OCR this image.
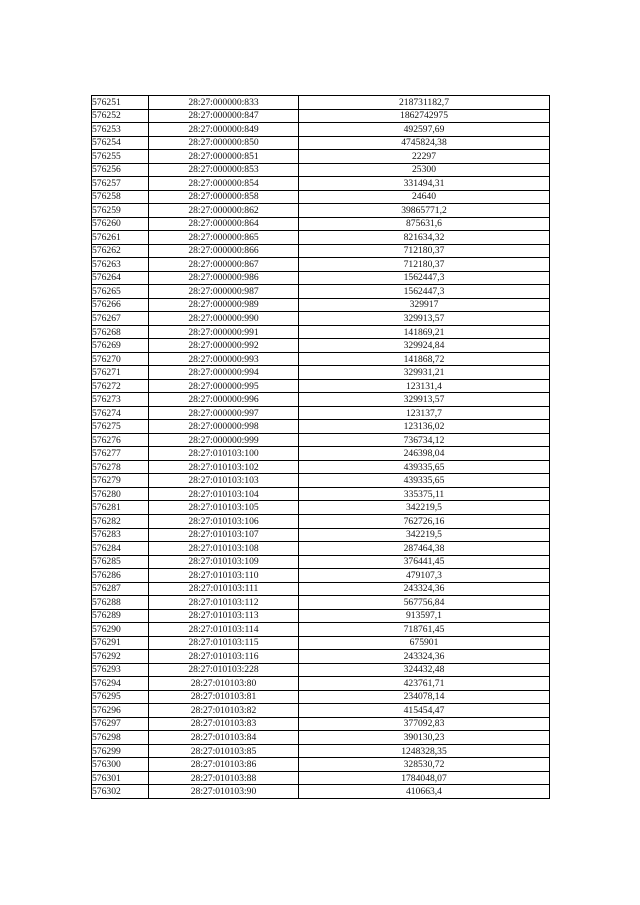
576251	28:27:000000:833	218731182,7
576252	28:27:000000:847	1862742975
576253	28:27:000000:849	492597,69
576254	28:27:000000:850	4745824,38
576255	28:27:000000:851	22297
576256	28:27:000000:853	25300
576257	28:27:000000:854	331494,31
576258	28:27:000000:858	24640
576259	28:27:000000:862	39865771,2
576260	28:27:000000:864	875631,6
576261	28:27:000000:865	821634,32
576262	28:27:000000:866	712180,37
576263	28:27:000000:867	712180,37
576264	28:27:000000:986	1562447,3
576265	28:27:000000:987	1562447,3
576266	28:27:000000:989	329917
576267	28:27:000000:990	329913,57
576268	28:27:000000:991	141869,21
576269	28:27:000000:992	329924,84
576270	28:27:000000:993	141868,72
576271	28:27:000000:994	329931,21
576272	28:27:000000:995	123131,4
576273	28:27:000000:996	329913,57
576274	28:27:000000:997	123137,7
576275	28:27:000000:998	123136,02
576276	28:27:000000:999	736734,12
576277	28:27:010103:100	246398,04
576278	28:27:010103:102	439335,65
576279	28:27:010103:103	439335,65
576280	28:27:010103:104	335375,11
576281	28:27:010103:105	342219,5
576282	28:27:010103:106	762726,16
576283	28:27:010103:107	342219,5
576284	28:27:010103:108	287464,38
576285	28:27:010103:109	376441,45
576286	28:27:010103:110	479107,3
576287	28:27:010103:111	243324,36
576288	28:27:010103:112	567756,84
576289	28:27:010103:113	913597,1
576290	28:27:010103:114	718761,45
576291	28:27:010103:115	675901
576292	28:27:010103:116	243324,36
576293	28:27:010103:228	324432,48
576294	28:27:010103:80	423761,71
576295	28:27:010103:81	234078,14
576296	28:27:010103:82	415454,47
576297	28:27:010103:83	377092,83
576298	28:27:010103:84	390130,23
576299	28:27:010103:85	1248328,35
576300	28:27:010103:86	328530,72
576301	28:27:010103:88	1784048,07
576302	28:27:010103:90	410663,4
